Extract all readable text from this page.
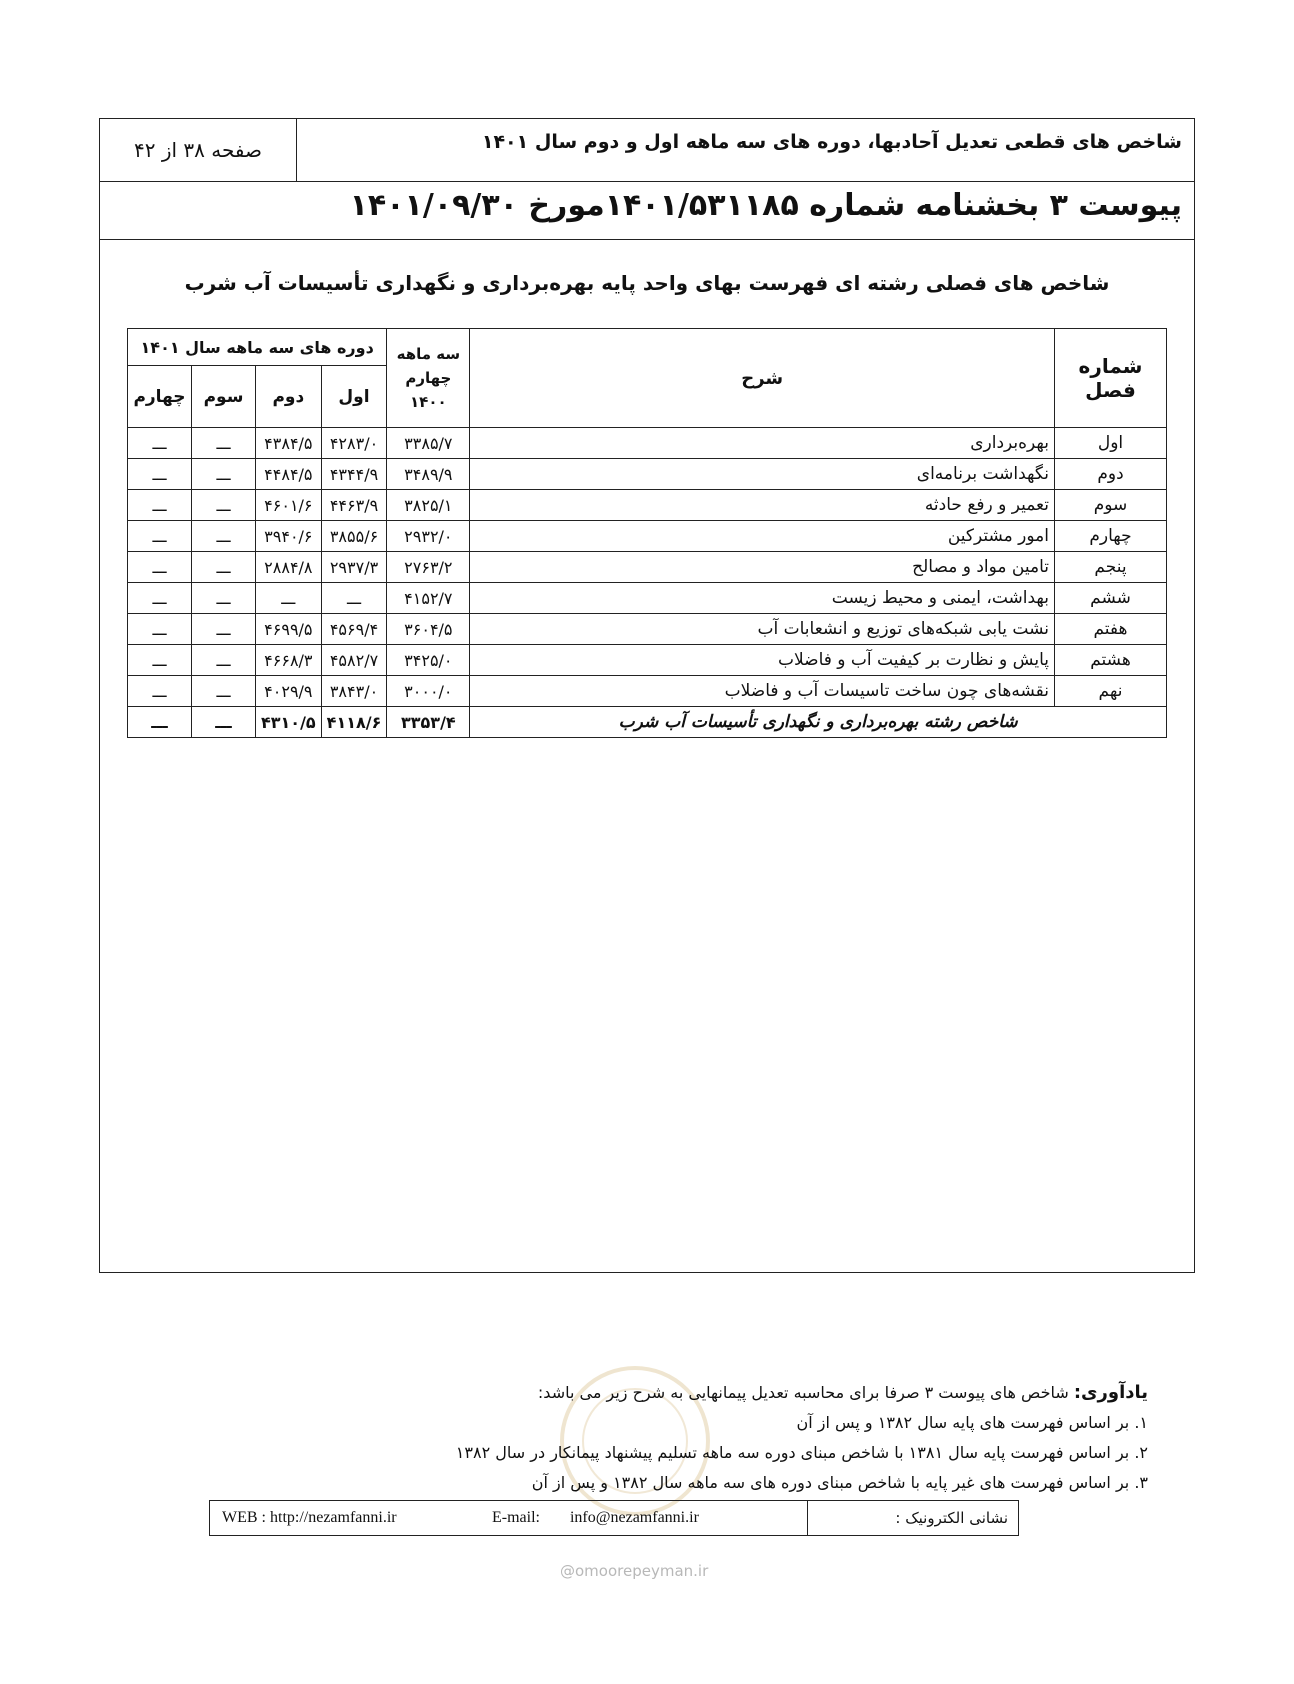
شاخص های قطعی تعدیل آحادبها، دوره های سه ماهه اول و دوم سال ۱۴۰۱
صفحه ۳۸ از ۴۲
پیوست ۳ بخشنامه شماره ۱۴۰۱/۵۳۱۱۸۵مورخ ۱۴۰۱/۰۹/۳۰
شاخص های فصلی رشته ای فهرست بهای واحد پایه بهره‌برداری و نگهداری تأسیسات آب شرب
شماره فصل	شرح	سه ماهه چهارم ۱۴۰۰	دوره های سه ماهه سال ۱۴۰۱			
			اول	دوم	سوم	چهارم
اول	بهره‌برداری	۳۳۸۵/۷	۴۲۸۳/۰	۴۳۸۴/۵	ـــ	ـــ
دوم	نگهداشت برنامه‌ای	۳۴۸۹/۹	۴۳۴۴/۹	۴۴۸۴/۵	ـــ	ـــ
سوم	تعمیر و رفع حادثه	۳۸۲۵/۱	۴۴۶۳/۹	۴۶۰۱/۶	ـــ	ـــ
چهارم	امور مشترکین	۲۹۳۲/۰	۳۸۵۵/۶	۳۹۴۰/۶	ـــ	ـــ
پنجم	تامین مواد و مصالح	۲۷۶۳/۲	۲۹۳۷/۳	۲۸۸۴/۸	ـــ	ـــ
ششم	بهداشت، ایمنی و محیط زیست	۴۱۵۲/۷	ـــ	ـــ	ـــ	ـــ
هفتم	نشت یابی شبکه‌های توزیع و انشعابات آب	۳۶۰۴/۵	۴۵۶۹/۴	۴۶۹۹/۵	ـــ	ـــ
هشتم	پایش و نظارت بر کیفیت آب و فاضلاب	۳۴۲۵/۰	۴۵۸۲/۷	۴۶۶۸/۳	ـــ	ـــ
نهم	نقشه‌های چون ساخت تاسیسات آب و فاضلاب	۳۰۰۰/۰	۳۸۴۳/۰	۴۰۲۹/۹	ـــ	ـــ
شاخص رشته بهره‌برداری و نگهداری تأسیسات آب شرب		۳۳۵۳/۴	۴۱۱۸/۶	۴۳۱۰/۵	ـــ	ـــ
یادآوری: شاخص های پیوست ۳ صرفا برای محاسبه تعدیل پیمانهایی به شرح زیر می باشد:
۱. بر اساس فهرست های پایه سال ۱۳۸۲ و پس از آن
۲. بر اساس فهرست پایه سال ۱۳۸۱ با شاخص مبنای دوره سه ماهه تسلیم پیشنهاد پیمانکار در سال ۱۳۸۲
۳. بر اساس فهرست های غیر پایه با شاخص مبنای دوره های سه ماهه سال ۱۳۸۲ و پس از آن
WEB : http://nezamfanni.ir	E-mail: info@nezamfanni.ir	نشانی الکترونیک :
@omoorepeyman.ir
